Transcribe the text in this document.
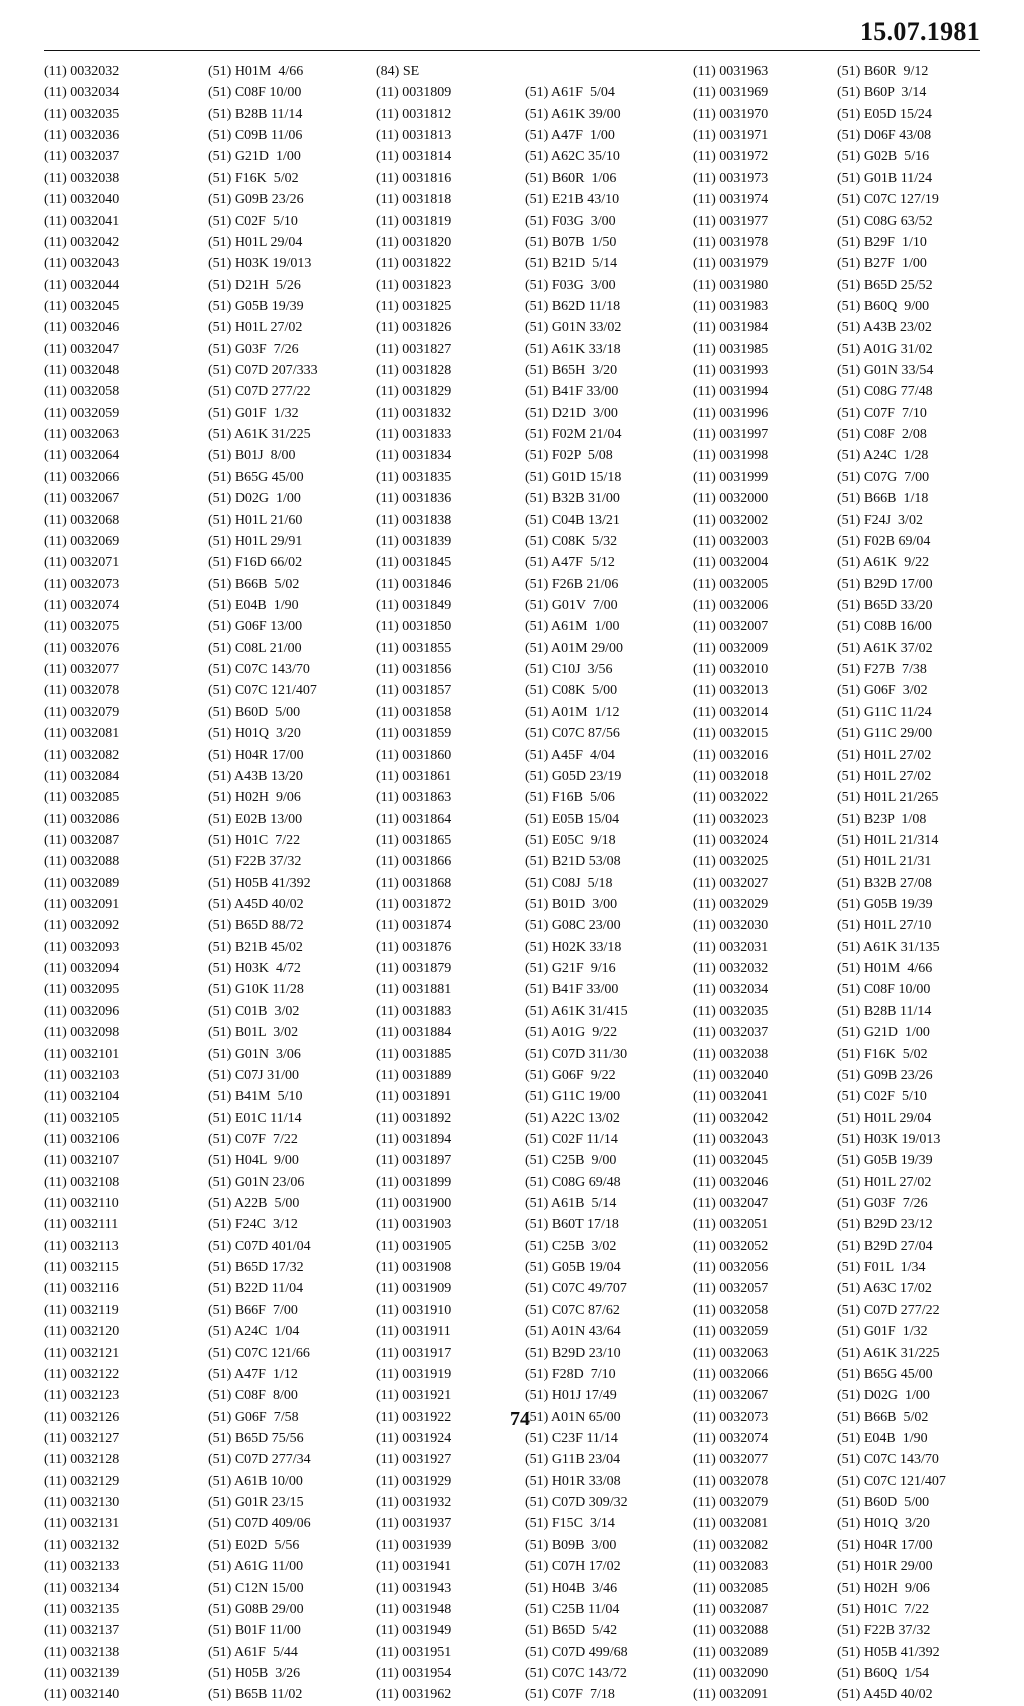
15.07.1981
(11) 0032032
(11) 0032034
(11) 0032035
(11) 0032036
(11) 0032037
(11) 0032038
(11) 0032040
(11) 0032041
(11) 0032042
(11) 0032043
(11) 0032044
(11) 0032045
(11) 0032046
(11) 0032047
(11) 0032048
(11) 0032058
(11) 0032059
(11) 0032063
(11) 0032064
(11) 0032066
(11) 0032067
(11) 0032068
(11) 0032069
(11) 0032071
(11) 0032073
(11) 0032074
(11) 0032075
(11) 0032076
(11) 0032077
(11) 0032078
(11) 0032079
(11) 0032081
(11) 0032082
(11) 0032084
(11) 0032085
(11) 0032086
(11) 0032087
(11) 0032088
(11) 0032089
(11) 0032091
(11) 0032092
(11) 0032093
(11) 0032094
(11) 0032095
(11) 0032096
(11) 0032098
(11) 0032101
(11) 0032103
(11) 0032104
(11) 0032105
(11) 0032106
(11) 0032107
(11) 0032108
(11) 0032110
(11) 0032111
(11) 0032113
(11) 0032115
(11) 0032116
(11) 0032119
(11) 0032120
(11) 0032121
(11) 0032122
(11) 0032123
(11) 0032126
(11) 0032127
(11) 0032128
(11) 0032129
(11) 0032130
(11) 0032131
(11) 0032132
(11) 0032133
(11) 0032134
(11) 0032135
(11) 0032137
(11) 0032138
(11) 0032139
(11) 0032140
(51) H01M  4/66
(51) C08F 10/00
(51) B28B 11/14
(51) C09B 11/06
(51) G21D  1/00
(51) F16K  5/02
(51) G09B 23/26
(51) C02F  5/10
(51) H01L 29/04
(51) H03K 19/013
(51) D21H  5/26
(51) G05B 19/39
(51) H01L 27/02
(51) G03F  7/26
(51) C07D 207/333
(51) C07D 277/22
(51) G01F  1/32
(51) A61K 31/225
(51) B01J  8/00
(51) B65G 45/00
(51) D02G  1/00
(51) H01L 21/60
(51) H01L 29/91
(51) F16D 66/02
(51) B66B  5/02
(51) E04B  1/90
(51) G06F 13/00
(51) C08L 21/00
(51) C07C 143/70
(51) C07C 121/407
(51) B60D  5/00
(51) H01Q  3/20
(51) H04R 17/00
(51) A43B 13/20
(51) H02H  9/06
(51) E02B 13/00
(51) H01C  7/22
(51) F22B 37/32
(51) H05B 41/392
(51) A45D 40/02
(51) B65D 88/72
(51) B21B 45/02
(51) H03K  4/72
(51) G10K 11/28
(51) C01B  3/02
(51) B01L  3/02
(51) G01N  3/06
(51) C07J 31/00
(51) B41M  5/10
(51) E01C 11/14
(51) C07F  7/22
(51) H04L  9/00
(51) G01N 23/06
(51) A22B  5/00
(51) F24C  3/12
(51) C07D 401/04
(51) B65D 17/32
(51) B22D 11/04
(51) B66F  7/00
(51) A24C  1/04
(51) C07C 121/66
(51) A47F  1/12
(51) C08F  8/00
(51) G06F  7/58
(51) B65D 75/56
(51) C07D 277/34
(51) A61B 10/00
(51) G01R 23/15
(51) C07D 409/06
(51) E02D  5/56
(51) A61G 11/00
(51) C12N 15/00
(51) G08B 29/00
(51) B01F 11/00
(51) A61F  5/44
(51) H05B  3/26
(51) B65B 11/02
(84) SE
(11) 0031809
(11) 0031812
(11) 0031813
(11) 0031814
(11) 0031816
(11) 0031818
(11) 0031819
(11) 0031820
(11) 0031822
(11) 0031823
(11) 0031825
(11) 0031826
(11) 0031827
(11) 0031828
(11) 0031829
(11) 0031832
(11) 0031833
(11) 0031834
(11) 0031835
(11) 0031836
(11) 0031838
(11) 0031839
(11) 0031845
(11) 0031846
(11) 0031849
(11) 0031850
(11) 0031855
(11) 0031856
(11) 0031857
(11) 0031858
(11) 0031859
(11) 0031860
(11) 0031861
(11) 0031863
(11) 0031864
(11) 0031865
(11) 0031866
(11) 0031868
(11) 0031872
(11) 0031874
(11) 0031876
(11) 0031879
(11) 0031881
(11) 0031883
(11) 0031884
(11) 0031885
(11) 0031889
(11) 0031891
(11) 0031892
(11) 0031894
(11) 0031897
(11) 0031899
(11) 0031900
(11) 0031903
(11) 0031905
(11) 0031908
(11) 0031909
(11) 0031910
(11) 0031911
(11) 0031917
(11) 0031919
(11) 0031921
(11) 0031922
(11) 0031924
(11) 0031927
(11) 0031929
(11) 0031932
(11) 0031937
(11) 0031939
(11) 0031941
(11) 0031943
(11) 0031948
(11) 0031949
(11) 0031951
(11) 0031954
(11) 0031962
(51) A61F  5/04
(51) A61K 39/00
(51) A47F  1/00
(51) A62C 35/10
(51) B60R  1/06
(51) E21B 43/10
(51) F03G  3/00
(51) B07B  1/50
(51) B21D  5/14
(51) F03G  3/00
(51) B62D 11/18
(51) G01N 33/02
(51) A61K 33/18
(51) B65H  3/20
(51) B41F 33/00
(51) D21D  3/00
(51) F02M 21/04
(51) F02P  5/08
(51) G01D 15/18
(51) B32B 31/00
(51) C04B 13/21
(51) C08K  5/32
(51) A47F  5/12
(51) F26B 21/06
(51) G01V  7/00
(51) A61M  1/00
(51) A01M 29/00
(51) C10J  3/56
(51) C08K  5/00
(51) A01M  1/12
(51) C07C 87/56
(51) A45F  4/04
(51) G05D 23/19
(51) F16B  5/06
(51) E05B 15/04
(51) E05C  9/18
(51) B21D 53/08
(51) C08J  5/18
(51) B01D  3/00
(51) G08C 23/00
(51) H02K 33/18
(51) G21F  9/16
(51) B41F 33/00
(51) A61K 31/415
(51) A01G  9/22
(51) C07D 311/30
(51) G06F  9/22
(51) G11C 19/00
(51) A22C 13/02
(51) C02F 11/14
(51) C25B  9/00
(51) C08G 69/48
(51) A61B  5/14
(51) B60T 17/18
(51) C25B  3/02
(51) G05B 19/04
(51) C07C 49/707
(51) C07C 87/62
(51) A01N 43/64
(51) B29D 23/10
(51) F28D  7/10
(51) H01J 17/49
(51) A01N 65/00
(51) C23F 11/14
(51) G11B 23/04
(51) H01R 33/08
(51) C07D 309/32
(51) F15C  3/14
(51) B09B  3/00
(51) C07H 17/02
(51) H04B  3/46
(51) C25B 11/04
(51) B65D  5/42
(51) C07D 499/68
(51) C07C 143/72
(51) C07F  7/18
(11) 0031963
(11) 0031969
(11) 0031970
(11) 0031971
(11) 0031972
(11) 0031973
(11) 0031974
(11) 0031977
(11) 0031978
(11) 0031979
(11) 0031980
(11) 0031983
(11) 0031984
(11) 0031985
(11) 0031993
(11) 0031994
(11) 0031996
(11) 0031997
(11) 0031998
(11) 0031999
(11) 0032000
(11) 0032002
(11) 0032003
(11) 0032004
(11) 0032005
(11) 0032006
(11) 0032007
(11) 0032009
(11) 0032010
(11) 0032013
(11) 0032014
(11) 0032015
(11) 0032016
(11) 0032018
(11) 0032022
(11) 0032023
(11) 0032024
(11) 0032025
(11) 0032027
(11) 0032029
(11) 0032030
(11) 0032031
(11) 0032032
(11) 0032034
(11) 0032035
(11) 0032037
(11) 0032038
(11) 0032040
(11) 0032041
(11) 0032042
(11) 0032043
(11) 0032045
(11) 0032046
(11) 0032047
(11) 0032051
(11) 0032052
(11) 0032056
(11) 0032057
(11) 0032058
(11) 0032059
(11) 0032063
(11) 0032066
(11) 0032067
(11) 0032073
(11) 0032074
(11) 0032077
(11) 0032078
(11) 0032079
(11) 0032081
(11) 0032082
(11) 0032083
(11) 0032085
(11) 0032087
(11) 0032088
(11) 0032089
(11) 0032090
(11) 0032091
(51) B60R  9/12
(51) B60P  3/14
(51) E05D 15/24
(51) D06F 43/08
(51) G02B  5/16
(51) G01B 11/24
(51) C07C 127/19
(51) C08G 63/52
(51) B29F  1/10
(51) B27F  1/00
(51) B65D 25/52
(51) B60Q  9/00
(51) A43B 23/02
(51) A01G 31/02
(51) G01N 33/54
(51) C08G 77/48
(51) C07F  7/10
(51) C08F  2/08
(51) A24C  1/28
(51) C07G  7/00
(51) B66B  1/18
(51) F24J  3/02
(51) F02B 69/04
(51) A61K  9/22
(51) B29D 17/00
(51) B65D 33/20
(51) C08B 16/00
(51) A61K 37/02
(51) F27B  7/38
(51) G06F  3/02
(51) G11C 11/24
(51) G11C 29/00
(51) H01L 27/02
(51) H01L 27/02
(51) H01L 21/265
(51) B23P  1/08
(51) H01L 21/314
(51) H01L 21/31
(51) B32B 27/08
(51) G05B 19/39
(51) H01L 27/10
(51) A61K 31/135
(51) H01M  4/66
(51) C08F 10/00
(51) B28B 11/14
(51) G21D  1/00
(51) F16K  5/02
(51) G09B 23/26
(51) C02F  5/10
(51) H01L 29/04
(51) H03K 19/013
(51) G05B 19/39
(51) H01L 27/02
(51) G03F  7/26
(51) B29D 23/12
(51) B29D 27/04
(51) F01L  1/34
(51) A63C 17/02
(51) C07D 277/22
(51) G01F  1/32
(51) A61K 31/225
(51) B65G 45/00
(51) D02G  1/00
(51) B66B  5/02
(51) E04B  1/90
(51) C07C 143/70
(51) C07C 121/407
(51) B60D  5/00
(51) H01Q  3/20
(51) H04R 17/00
(51) H01R 29/00
(51) H02H  9/06
(51) H01C  7/22
(51) F22B 37/32
(51) H05B 41/392
(51) B60Q  1/54
(51) A45D 40/02
74
